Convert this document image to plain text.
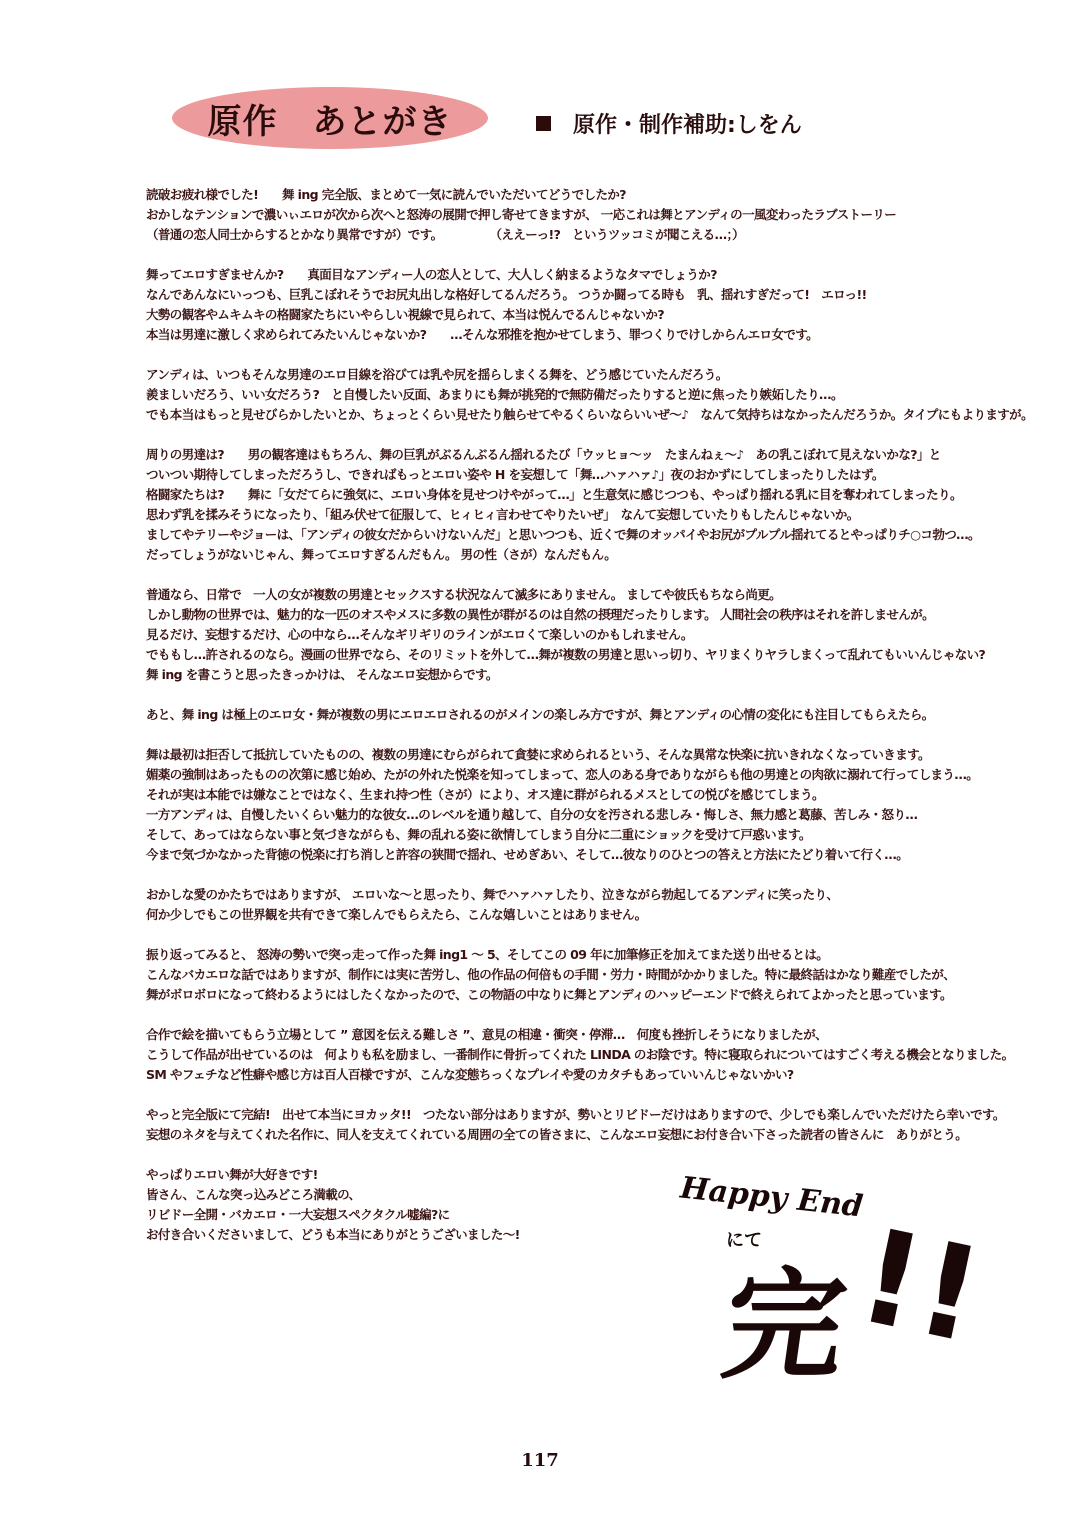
原作　あとがき	原作・制作補助:しをん
読破お疲れ様でした!　　舞 ing 完全版、まとめて一気に読んでいただいてどうでしたか?
おかしなテンションで濃いぃエロが次から次へと怒涛の展開で押し寄せてきますが、 一応これは舞とアンディの一風変わったラブストーリー
（普通の恋人同士からするとかなり異常ですが）です。　　　　　（ええーっ!?　というツッコミが聞こえる…；）
舞ってエロすぎませんか?　　真面目なアンディー人の恋人として、大人しく納まるようなタマでしょうか?
なんであんなにいっつも、巨乳こぼれそうでお尻丸出しな格好してるんだろう。 つうか闘ってる時も　乳、揺れすぎだって!　エロっ!!
大勢の観客やムキムキの格闘家たちにいやらしい視線で見られて、本当は悦んでるんじゃないか?
本当は男達に激しく求められてみたいんじゃないか?　　…そんな邪推を抱かせてしまう、罪つくりでけしからんエロ女です。
アンディは、いつもそんな男達のエロ目線を浴びては乳や尻を揺らしまくる舞を、どう感じていたんだろう。
羨ましいだろう、いい女だろう?　と自慢したい反面、あまりにも舞が挑発的で無防備だったりすると逆に焦ったり嫉妬したり…。
でも本当はもっと見せびらかしたいとか、ちょっとくらい見せたり触らせてやるくらいならいいぜ～♪　なんて気持ちはなかったんだろうか。タイプにもよりますが。
周りの男達は?　　男の観客達はもちろん、舞の巨乳がぶるんぶるん揺れるたび「ウッヒョ～ッ　たまんねぇ～♪　あの乳こぼれて見えないかな?」と
ついつい期待してしまっただろうし、できればもっとエロい姿や H を妄想して「舞…ハァハァ♪」夜のおかずにしてしまったりしたはず。
格闘家たちは?　　舞に「女だてらに強気に、エロい身体を見せつけやがって…」と生意気に感じつつも、やっぱり揺れる乳に目を奪われてしまったり。
思わず乳を揉みそうになったり、「組み伏せて征服して、ヒィヒィ言わせてやりたいぜ」　なんて妄想していたりもしたんじゃないか。
ましてやテリーやジョーは、「アンディの彼女だからいけないんだ」と思いつつも、近くで舞のオッパイやお尻がプルプル揺れてるとやっぱりチ○コ勃つ…。
だってしょうがないじゃん、舞ってエロすぎるんだもん。 男の性（さが）なんだもん。
普通なら、日常で　一人の女が複数の男達とセックスする状況なんて滅多にありません。 ましてや彼氏もちなら尚更。
しかし動物の世界では、魅力的な一匹のオスやメスに多数の異性が群がるのは自然の摂理だったりします。 人間社会の秩序はそれを許しませんが。
見るだけ、妄想するだけ、心の中なら…そんなギリギリのラインがエロくて楽しいのかもしれません。
でももし…許されるのなら。漫画の世界でなら、そのリミットを外して…舞が複数の男達と思いっ切り、ヤリまくりヤラしまくって乱れてもいいんじゃない?
舞 ing を書こうと思ったきっかけは、 そんなエロ妄想からです。
あと、舞 ing は極上のエロ女・舞が複数の男にエロエロされるのがメインの楽しみ方ですが、舞とアンディの心情の変化にも注目してもらえたら。
舞は最初は拒否して抵抗していたものの、複数の男達にむらがられて貪婪に求められるという、そんな異常な快楽に抗いきれなくなっていきます。
媚薬の強制はあったものの次第に感じ始め、たがの外れた悦楽を知ってしまって、恋人のある身でありながらも他の男達との肉欲に溺れて行ってしまう…。
それが実は本能では嫌なことではなく、生まれ持つ性（さが）により、オス達に群がられるメスとしての悦びを感じてしまう。
一方アンディは、自慢したいくらい魅力的な彼女…のレベルを通り越して、自分の女を汚される悲しみ・悔しさ、無力感と葛藤、苦しみ・怒り…
そして、あってはならない事と気づきながらも、舞の乱れる姿に欲情してしまう自分に二重にショックを受けて戸惑います。
今まで気づかなかった背徳の悦楽に打ち消しと許容の狭間で揺れ、せめぎあい、そして…彼なりのひとつの答えと方法にたどり着いて行く…。
おかしな愛のかたちではありますが、 エロいな～と思ったり、舞でハァハァしたり、泣きながら勃起してるアンディに笑ったり、
何か少しでもこの世界観を共有できて楽しんでもらえたら、こんな嬉しいことはありません。
振り返ってみると、 怒涛の勢いで突っ走って作った舞 ing1 ～ 5、そしてこの 09 年に加筆修正を加えてまた送り出せるとは。
こんなバカエロな話ではありますが、制作には実に苦労し、他の作品の何倍もの手間・労力・時間がかかりました。特に最終話はかなり難産でしたが、
舞がボロボロになって終わるようにはしたくなかったので、この物語の中なりに舞とアンディのハッピーエンドで終えられてよかったと思っています。
合作で絵を描いてもらう立場として ” 意図を伝える難しさ ”、意見の相違・衝突・停滞…　何度も挫折しそうになりましたが、
こうして作品が出せているのは　何よりも私を励まし、一番制作に骨折ってくれた LINDA のお陰です。特に寝取られについてはすごく考える機会となりました。
SM やフェチなど性癖や感じ方は百人百様ですが、こんな変態ちっくなプレイや愛のカタチもあっていいんじゃないかい?
やっと完全版にて完結!　出せて本当にヨカッタ!!　つたない部分はありますが、勢いとリビドーだけはありますので、少しでも楽しんでいただけたら幸いです。
妄想のネタを与えてくれた名作に、同人を支えてくれている周囲の全ての皆さまに、こんなエロ妄想にお付き合い下さった読者の皆さんに　ありがとう。
やっぱりエロい舞が大好きです!
皆さん、こんな突っ込みどころ満載の、
リビドー全開・バカエロ・一大妄想スペクタクル嘘編?に
お付き合いくださいまして、どうも本当にありがとうございました～!
Happy End
にて
完
!!
117
